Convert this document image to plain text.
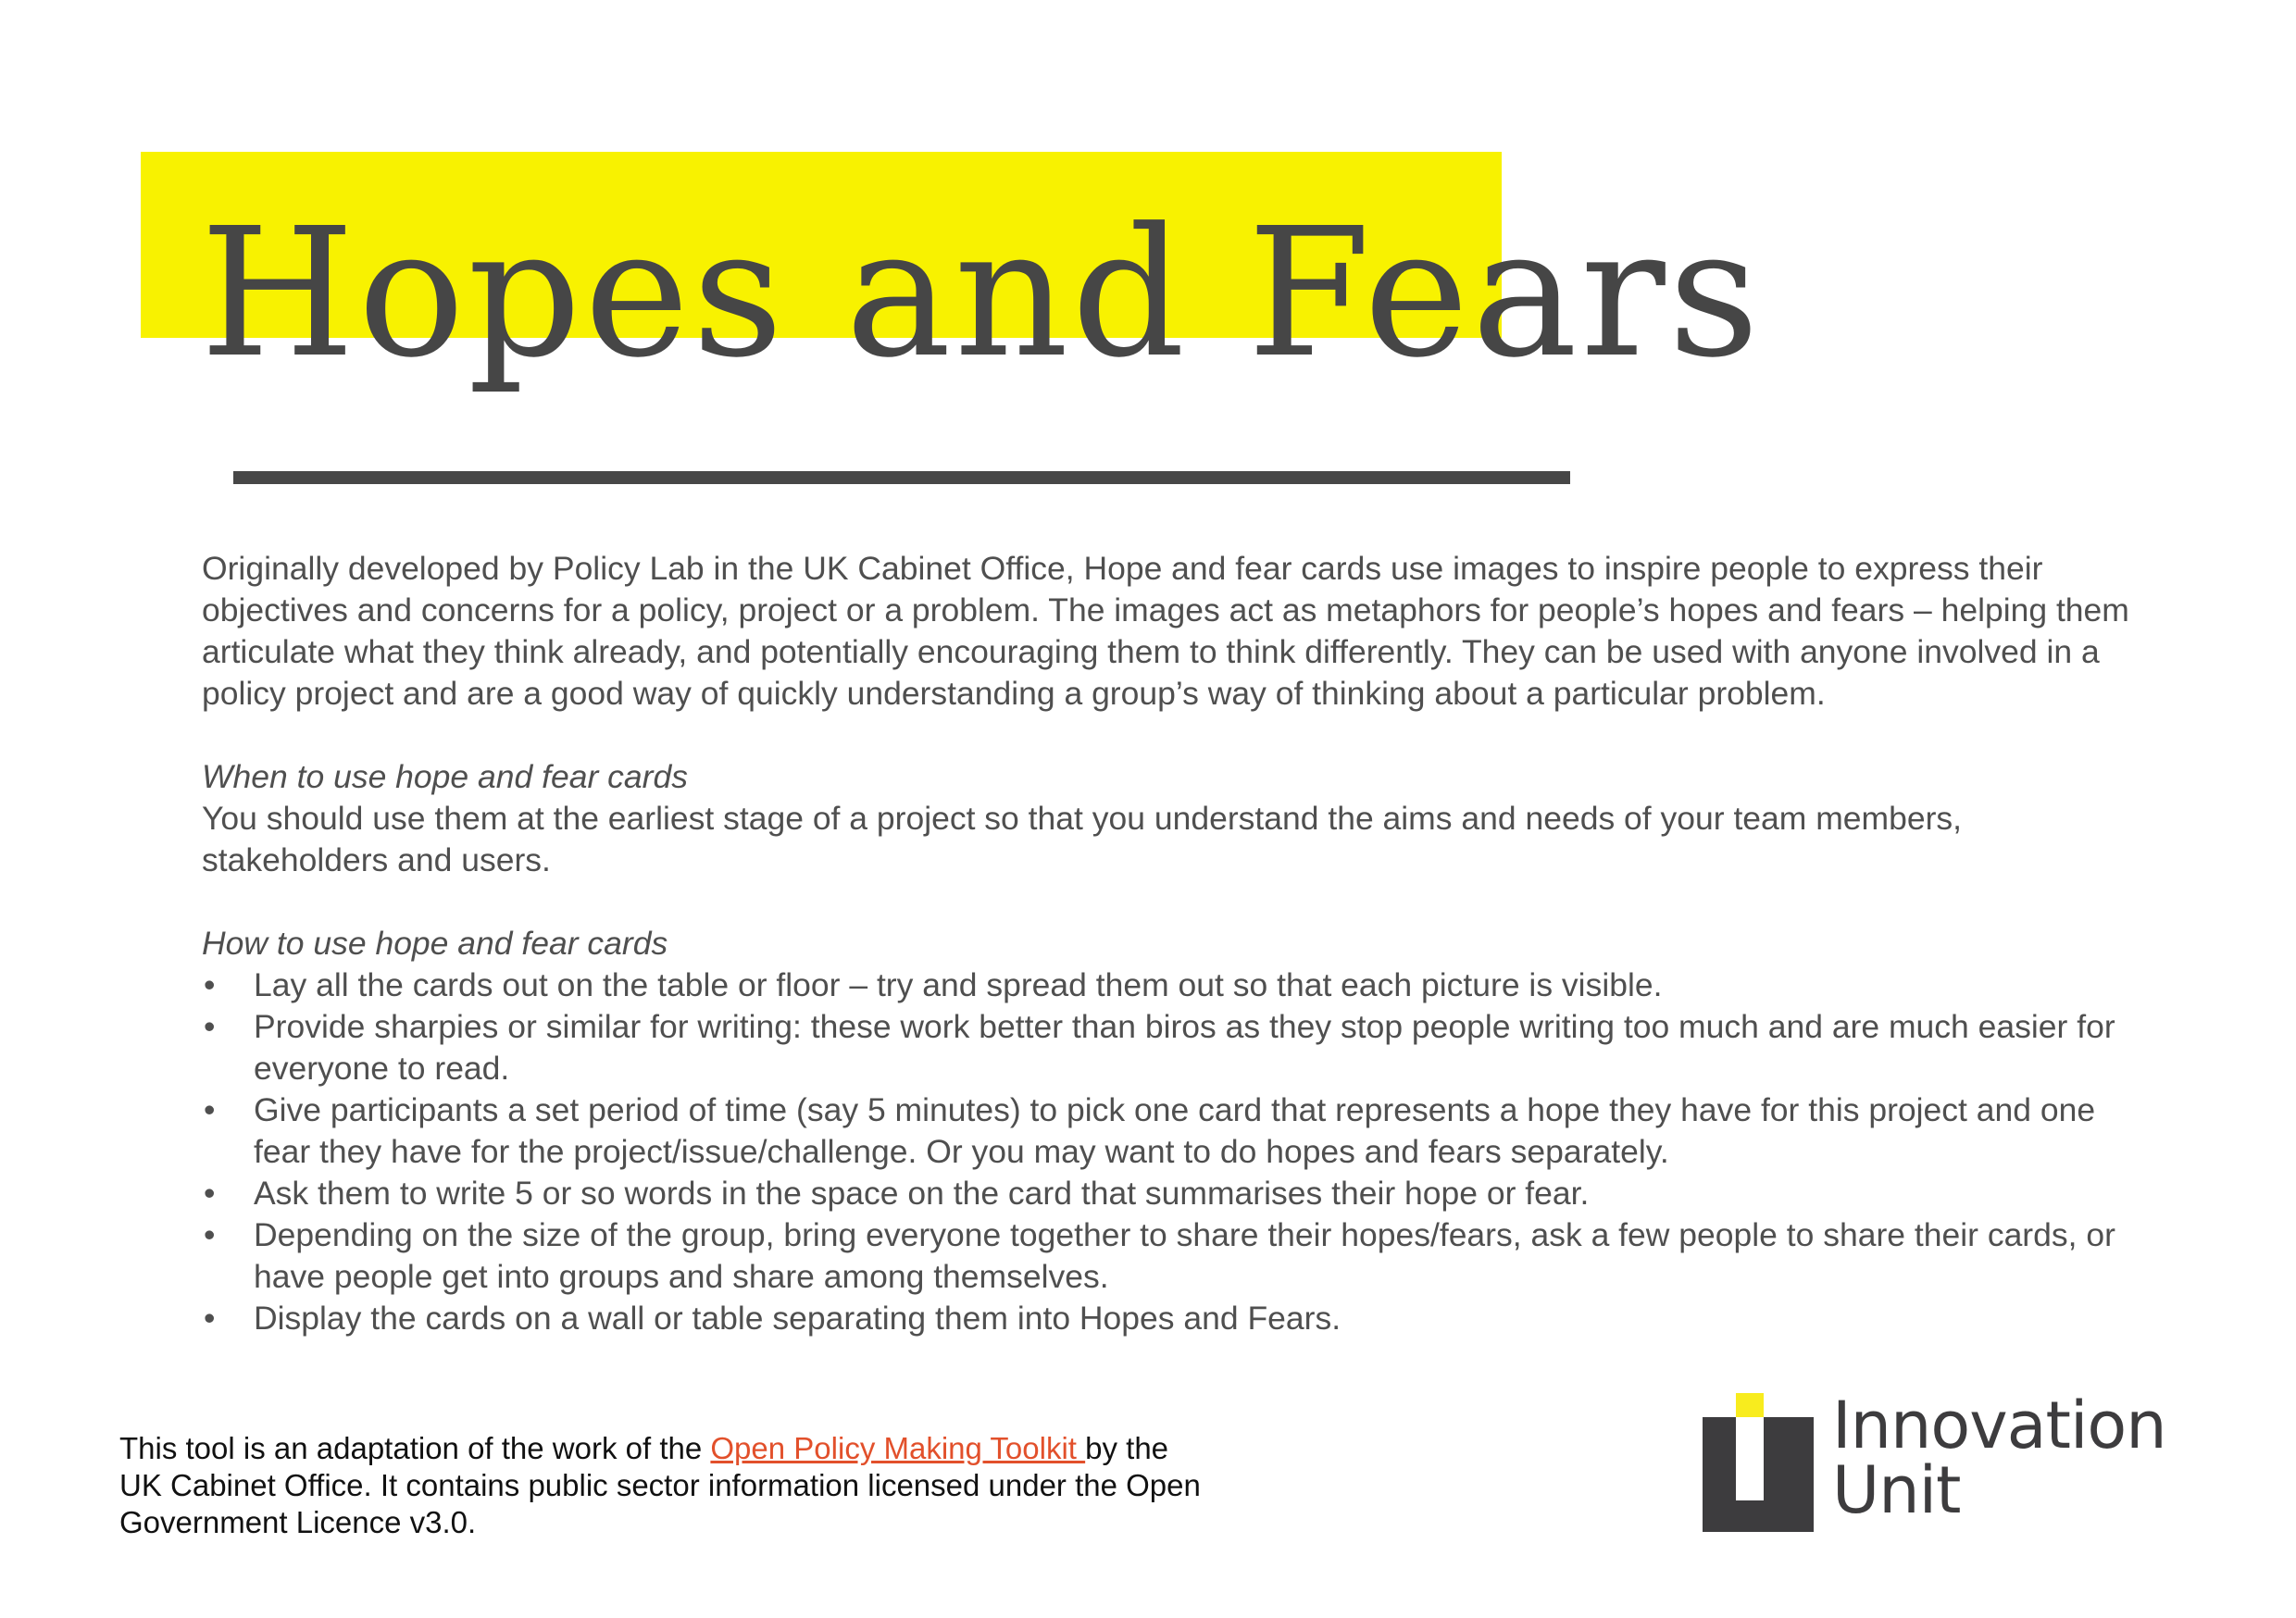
Hopes and Fears

Originally developed by Policy Lab in the UK Cabinet Office, Hope and fear cards use images to inspire people to express their objectives and concerns for a policy, project or a problem. The images act as metaphors for people’s hopes and fears – helping them articulate what they think already, and potentially encouraging them to think differently. They can be used with anyone involved in a policy project and are a good way of quickly understanding a group’s way of thinking about a particular problem.

When to use hope and fear cards

You should use them at the earliest stage of a project so that you understand the aims and needs of your team members, stakeholders and users.

How to use hope and fear cards

• Lay all the cards out on the table or floor – try and spread them out so that each picture is visible.
• Provide sharpies or similar for writing: these work better than biros as they stop people writing too much and are much easier for everyone to read.
• Give participants a set period of time (say 5 minutes) to pick one card that represents a hope they have for this project and one fear they have for the project/issue/challenge. Or you may want to do hopes and fears separately.
• Ask them to write 5 or so words in the space on the card that summarises their hope or fear.
• Depending on the size of the group, bring everyone together to share their hopes/fears, ask a few people to share their cards, or have people get into groups and share among themselves.
• Display the cards on a wall or table separating them into Hopes and Fears.
This tool is an adaptation of the work of the Open Policy Making Toolkit by the UK Cabinet Office. It contains public sector information licensed under the Open Government Licence v3.0.
Innovation
Unit
